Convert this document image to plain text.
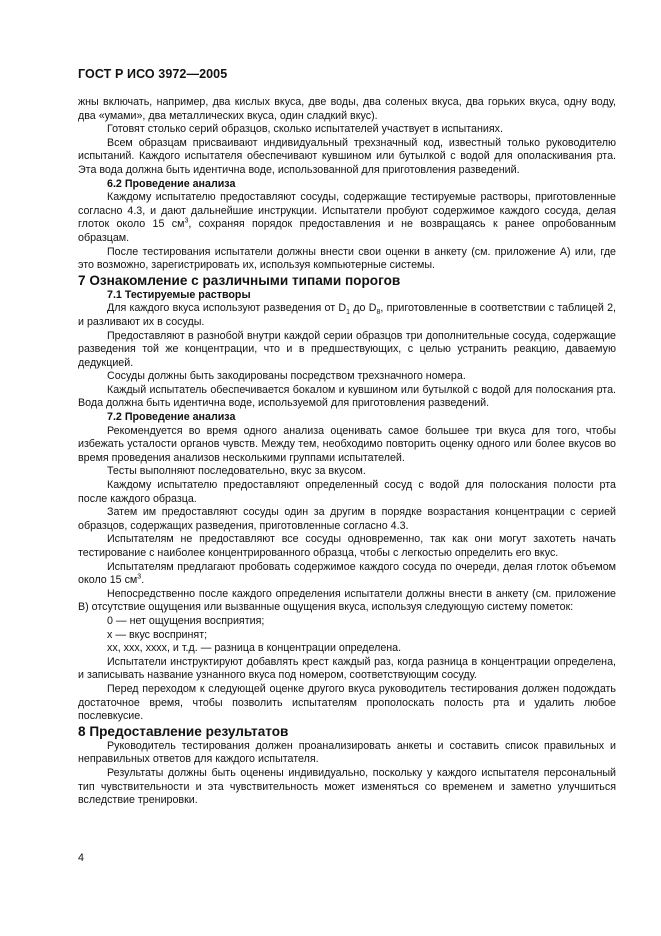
ГОСТ Р ИСО 3972—2005

жны включать, например, два кислых вкуса, две воды, два соленых вкуса, два горьких вкуса, одну воду, два «умами», два металлических вкуса, один сладкий вкус).

Готовят столько серий образцов, сколько испытателей участвует в испытаниях.

Всем образцам присваивают индивидуальный трехзначный код, известный только руководителю испытаний. Каждого испытателя обеспечивают кувшином или бутылкой с водой для ополаскивания рта. Эта вода должна быть идентична воде, использованной для приготовления разведений.

6.2 Проведение анализа

Каждому испытателю предоставляют сосуды, содержащие тестируемые растворы, приготовленные согласно 4.3, и дают дальнейшие инструкции. Испытатели пробуют содержимое каждого сосуда, делая глоток около 15 $см^3$, сохраняя порядок предоставления и не возвращаясь к ранее опробованным образцам.

После тестирования испытатели должны внести свои оценки в анкету (см. приложение А) или, где это возможно, зарегистрировать их, используя компьютерные системы.

7 Ознакомление с различными типами порогов

7.1 Тестируемые растворы

Для каждого вкуса используют разведения от $D_1$ до $D_8$, приготовленные в соответствии с таблицей 2, и разливают их в сосуды.

Предоставляют в разнобой внутри каждой серии образцов три дополнительные сосуда, содержащие разведения той же концентрации, что и в предшествующих, с целью устранить реакцию, даваемую дедукцией.

Сосуды должны быть закодированы посредством трехзначного номера.

Каждый испытатель обеспечивается бокалом и кувшином или бутылкой с водой для полоскания рта. Вода должна быть идентична воде, используемой для приготовления разведений.

7.2 Проведение анализа

Рекомендуется во время одного анализа оценивать самое большее три вкуса для того, чтобы избежать усталости органов чувств. Между тем, необходимо повторить оценку одного или более вкусов во время проведения анализов несколькими группами испытателей.

Тесты выполняют последовательно, вкус за вкусом.

Каждому испытателю предоставляют определенный сосуд с водой для полоскания полости рта после каждого образца.

Затем им предоставляют сосуды один за другим в порядке возрастания концентрации с серией образцов, содержащих разведения, приготовленные согласно 4.3.

Испытателям не предоставляют все сосуды одновременно, так как они могут захотеть начать тестирование с наиболее концентрированного образца, чтобы с легкостью определить его вкус.

Испытателям предлагают пробовать содержимое каждого сосуда по очереди, делая глоток объемом около 15 $см^3$.

Непосредственно после каждого определения испытатели должны внести в анкету (см. приложение В) отсутствие ощущения или вызванные ощущения вкуса, используя следующую систему пометок:

0 — нет ощущения восприятия;

х — вкус воспринят;

хх, ххх, хххх, и т.д. — разница в концентрации определена.

Испытатели инструктируют добавлять крест каждый раз, когда разница в концентрации определена, и записывать название узнанного вкуса под номером, соответствующим сосуду.

Перед переходом к следующей оценке другого вкуса руководитель тестирования должен подождать достаточное время, чтобы позволить испытателям прополоскать полость рта и удалить любое послевкусие.

8 Предоставление результатов

Руководитель тестирования должен проанализировать анкеты и составить список правильных и неправильных ответов для каждого испытателя.

Результаты должны быть оценены индивидуально, поскольку у каждого испытателя персональный тип чувствительности и эта чувствительность может изменяться со временем и заметно улучшиться вследствие тренировки.

4
